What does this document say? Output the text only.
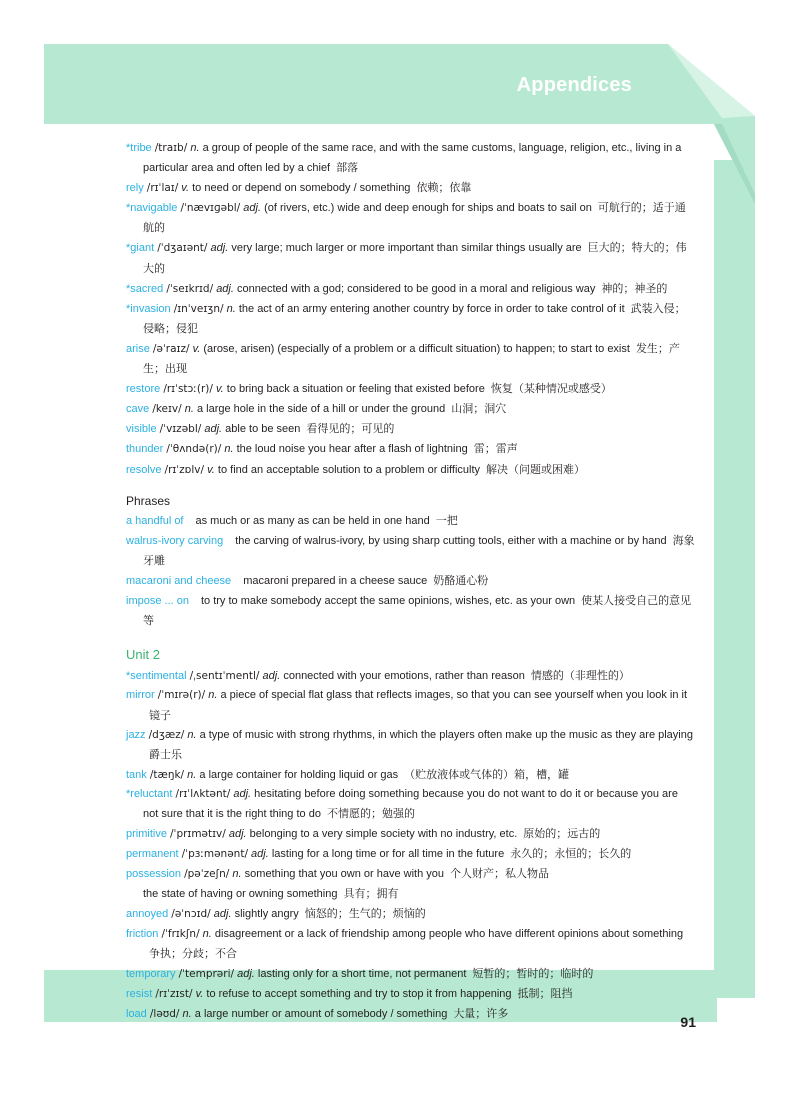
Appendices
*tribe /traɪb/ n. a group of people of the same race, and with the same customs, language, religion, etc., living in a particular area and often led by a chief 部落
rely /rɪˈlaɪ/ v. to need or depend on somebody / something 依赖；依靠
*navigable /ˈnævɪɡəbl/ adj. (of rivers, etc.) wide and deep enough for ships and boats to sail on 可航行的；适于通航的
*giant /ˈdʒaɪənt/ adj. very large; much larger or more important than similar things usually are 巨大的；特大的；伟大的
*sacred /ˈseɪkrɪd/ adj. connected with a god; considered to be good in a moral and religious way 神的；神圣的
*invasion /ɪnˈveɪʒn/ n. the act of an army entering another country by force in order to take control of it 武装入侵；侵略；侵犯
arise /əˈraɪz/ v. (arose, arisen) (especially of a problem or a difficult situation) to happen; to start to exist 发生；产生；出现
restore /rɪˈstɔː(r)/ v. to bring back a situation or feeling that existed before 恢复（某种情况或感受）
cave /keɪv/ n. a large hole in the side of a hill or under the ground 山洞；洞穴
visible /ˈvɪzəbl/ adj. able to be seen 看得见的；可见的
thunder /ˈθʌndə(r)/ n. the loud noise you hear after a flash of lightning 雷；雷声
resolve /rɪˈzɒlv/ v. to find an acceptable solution to a problem or difficulty 解决（问题或困难）
Phrases
a handful of as much or as many as can be held in one hand 一把
walrus-ivory carving the carving of walrus-ivory, by using sharp cutting tools, either with a machine or by hand 海象牙雕
macaroni and cheese macaroni prepared in a cheese sauce 奶酪通心粉
impose ... on to try to make somebody accept the same opinions, wishes, etc. as your own 使某人接受自己的意见等
Unit 2
*sentimental /ˌsentɪˈmentl/ adj. connected with your emotions, rather than reason 情感的（非理性的）
mirror /ˈmɪrə(r)/ n. a piece of special flat glass that reflects images, so that you can see yourself when you look in it镜子
jazz /dʒæz/ n. a type of music with strong rhythms, in which the players often make up the music as they are playing爵士乐
tank /tæŋk/ n. a large container for holding liquid or gas （贮放液体或气体的）箱，槽，罐
*reluctant /rɪˈlʌktənt/ adj. hesitating before doing something because you do not want to do it or because you are not sure that it is the right thing to do 不情愿的；勉强的
primitive /ˈprɪmətɪv/ adj. belonging to a very simple society with no industry, etc. 原始的；远古的
permanent /ˈpɜːmənənt/ adj. lasting for a long time or for all time in the future 永久的；永恒的；长久的
possession /pəˈzeʃn/ n. something that you own or have with you 个人财产；私人物品
the state of having or owning something 具有；拥有
annoyed /əˈnɔɪd/ adj. slightly angry 恼怒的；生气的；烦恼的
friction /ˈfrɪkʃn/ n. disagreement or a lack of friendship among people who have different opinions about something争执；分歧；不合
temporary /ˈtemprəri/ adj. lasting only for a short time, not permanent 短暂的；暂时的；临时的
resist /rɪˈzɪst/ v. to refuse to accept something and try to stop it from happening 抵制；阻挡
load /ləʊd/ n. a large number or amount of somebody / something 大量；许多
91
